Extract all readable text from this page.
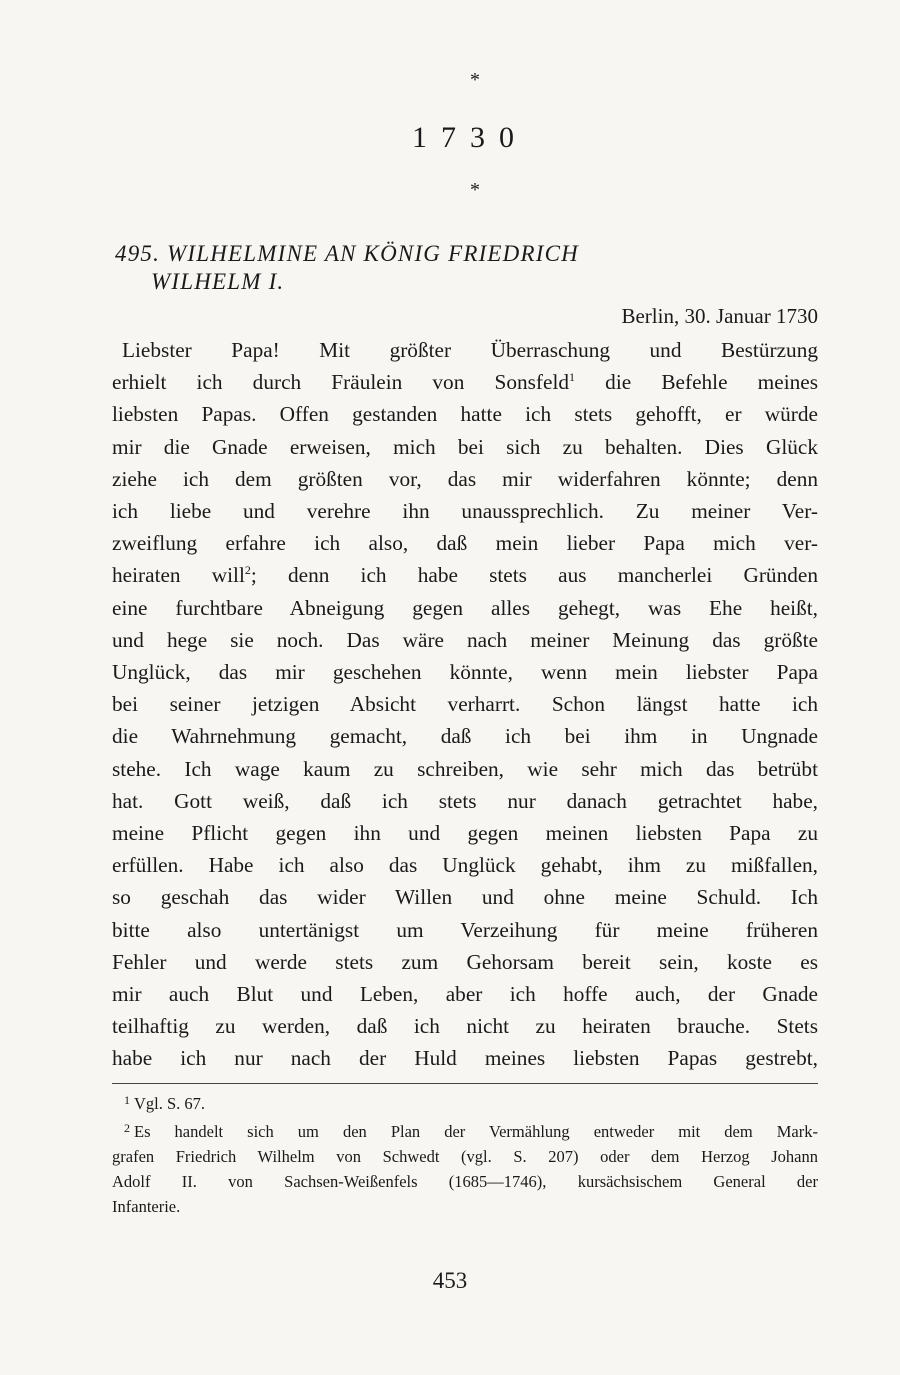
*
1730
*
495. WILHELMINE AN KÖNIG FRIEDRICH
WILHELM I.
Berlin, 30. Januar 1730
Liebster Papa! Mit größter Überraschung und Bestürzung
erhielt ich durch Fräulein von Sonsfeld$^1$ die Befehle meines
liebsten Papas. Offen gestanden hatte ich stets gehofft, er würde
mir die Gnade erweisen, mich bei sich zu behalten. Dies Glück
ziehe ich dem größten vor, das mir widerfahren könnte; denn
ich liebe und verehre ihn unaussprechlich. Zu meiner Ver-
zweiflung erfahre ich also, daß mein lieber Papa mich ver-
heiraten will$^2$; denn ich habe stets aus mancherlei Gründen
eine furchtbare Abneigung gegen alles gehegt, was Ehe heißt,
und hege sie noch. Das wäre nach meiner Meinung das größte
Unglück, das mir geschehen könnte, wenn mein liebster Papa
bei seiner jetzigen Absicht verharrt. Schon längst hatte ich
die Wahrnehmung gemacht, daß ich bei ihm in Ungnade
stehe. Ich wage kaum zu schreiben, wie sehr mich das betrübt
hat. Gott weiß, daß ich stets nur danach getrachtet habe,
meine Pflicht gegen ihn und gegen meinen liebsten Papa zu
erfüllen. Habe ich also das Unglück gehabt, ihm zu mißfallen,
so geschah das wider Willen und ohne meine Schuld. Ich
bitte also untertänigst um Verzeihung für meine früheren
Fehler und werde stets zum Gehorsam bereit sein, koste es
mir auch Blut und Leben, aber ich hoffe auch, der Gnade
teilhaftig zu werden, daß ich nicht zu heiraten brauche. Stets
habe ich nur nach der Huld meines liebsten Papas gestrebt,
$^1$ Vgl. S. 67.
$^2$ Es handelt sich um den Plan der Vermählung entweder mit dem Mark-
grafen Friedrich Wilhelm von Schwedt (vgl. S. 207) oder dem Herzog Johann
Adolf II. von Sachsen-Weißenfels (1685—1746), kursächsischem General der
Infanterie.
453
